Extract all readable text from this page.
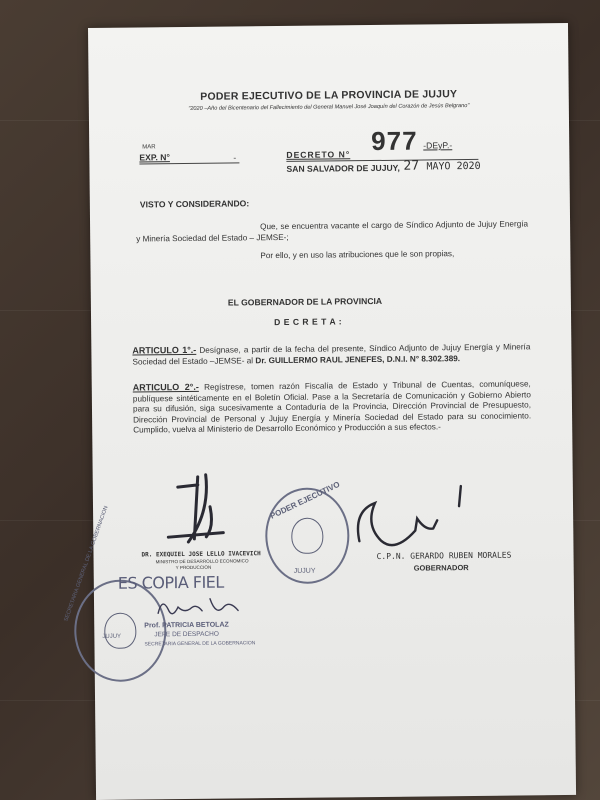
PODER EJECUTIVO DE LA PROVINCIA DE JUJUY
"2020 –Año del Bicentenario del Fallecimiento del General Manuel José Joaquín del Corazón de Jesús Belgrano"
MAR
EXP. N°	-	DECRETO N° 977 -DEyP.-
SAN SALVADOR DE JUJUY, 27 MAYO 2020
VISTO Y CONSIDERANDO:
Que, se encuentra vacante el cargo de Síndico Adjunto de Jujuy Energía y Minería Sociedad del Estado – JEMSE-;
Por ello, y en uso las atribuciones que le son propias,
EL GOBERNADOR DE LA PROVINCIA
D E C R E T A :
ARTICULO 1°.- Desígnase, a partir de la fecha del presente, Síndico Adjunto de Jujuy Energía y Minería Sociedad del Estado –JEMSE- al Dr. GUILLERMO RAUL JENEFES, D.N.I. N° 8.302.389.
ARTICULO 2°.- Regístrese, tomen razón Fiscalía de Estado y Tribunal de Cuentas, comuníquese, publíquese sintéticamente en el Boletín Oficial. Pase a la Secretaría de Comunicación y Gobierno Abierto para su difusión, siga sucesivamente a Contaduría de la Provincia, Dirección Provincial de Presupuesto, Dirección Provincial de Personal y Jujuy Energía y Minería Sociedad del Estado para su conocimiento. Cumplido, vuelva al Ministerio de Desarrollo Económico y Producción a sus efectos.-
DR. EXEQUIEL JOSE LELLO IVACEVICH
MINISTRO DE DESARROLLO ECONOMICO
Y PRODUCCION
PODER EJECUTIVO
JUJUY
C.P.N. GERARDO RUBEN MORALES
GOBERNADOR
SECRETARIA GENERAL DE LA GOBERNACION
JUJUY
ES COPIA FIEL
Prof. PATRICIA BETOLAZ
JEFE DE DESPACHO
SECRETARIA GENERAL DE LA GOBERNACION
